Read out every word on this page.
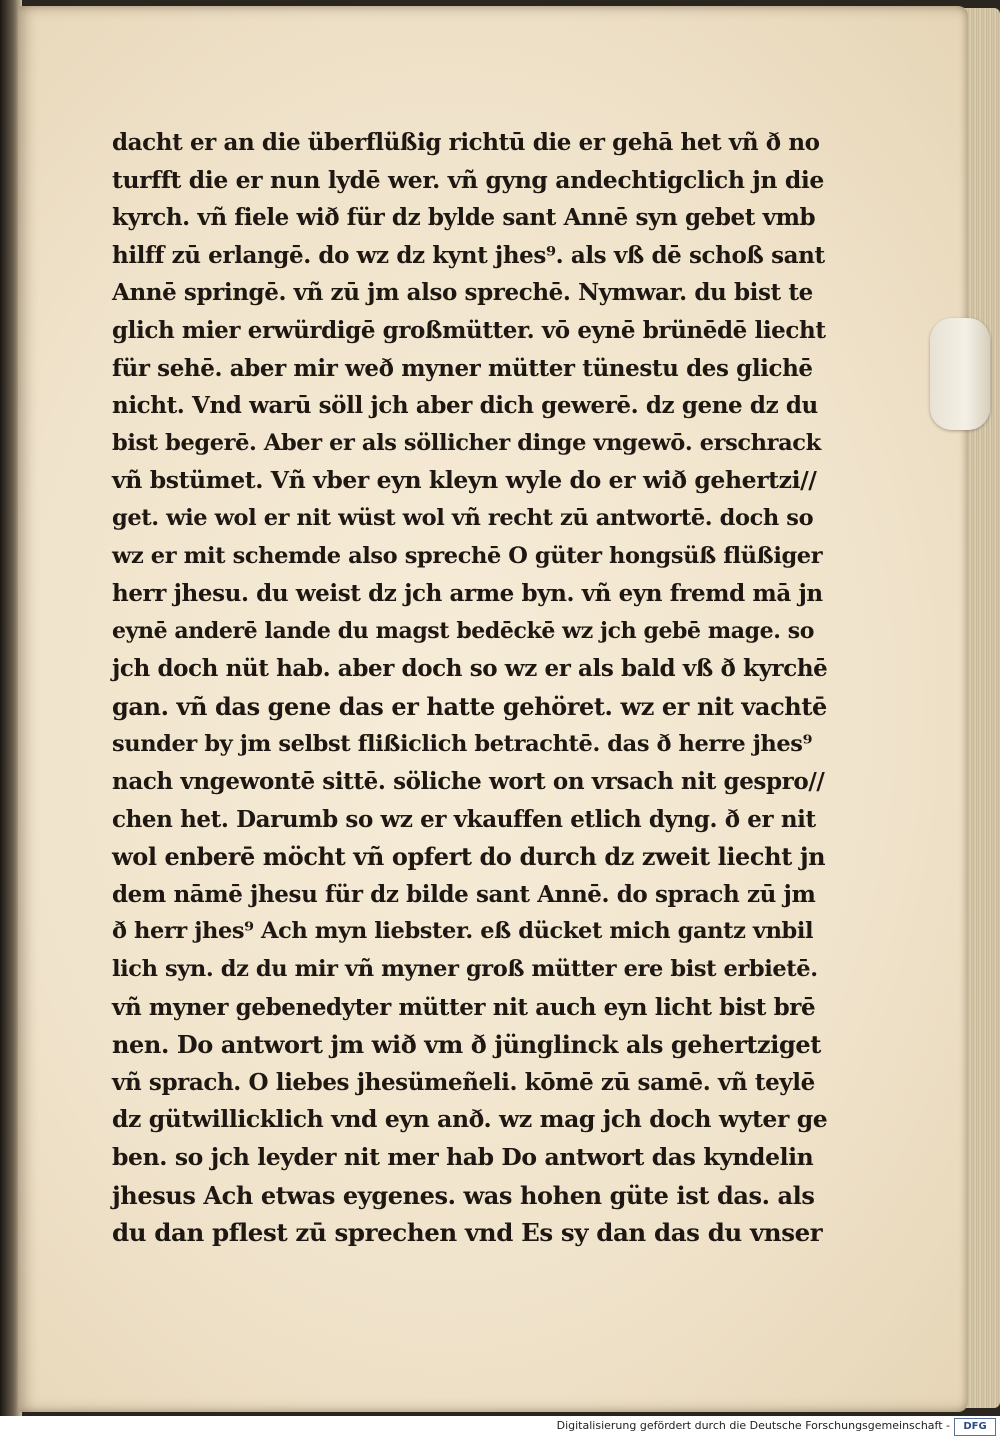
dacht er an die überflüßig richtū die er gehā het vñ ð no
turfft die er nun lydē wer. vñ gyng andechtigclich jn die
kyrch. vñ fiele wið für dz bylde sant Annē syn gebet vmb
hilff zū erlangē. do wz dz kynt jhes⁹. als vß dē schoß sant
Annē springē. vñ zū jm also sprechē. Nymwar. du bist te
glich mier erwürdigē großmütter. vō eynē brünēdē liecht
für sehē. aber mir weð myner mütter tünestu des glichē
nicht. Vnd warū söll jch aber dich gewerē. dz gene dz du
bist begerē. Aber er als söllicher dinge vngewō. erschrack
vñ bstümet. Vñ vber eyn kleyn wyle do er wið gehertzi//
get. wie wol er nit wüst wol vñ recht zū antwortē. doch so
wz er mit schemde also sprechē O güter hongsüß flüßiger
herr jhesu. du weist dz jch arme byn. vñ eyn fremd mā jn
eynē anderē lande du magst bedēckē wz jch gebē mage. so
jch doch nüt hab. aber doch so wz er als bald vß ð kyrchē
gan. vñ das gene das er hatte gehöret. wz er nit vachtē
sunder by jm selbst flißiclich betrachtē. das ð herre jhes⁹
nach vngewontē sittē. söliche wort on vrsach nit gespro//
chen het. Darumb so wz er vkauffen etlich dyng. ð er nit
wol enberē möcht vñ opfert do durch dz zweit liecht jn
dem nāmē jhesu für dz bilde sant Annē. do sprach zū jm
ð herr jhes⁹ Ach myn liebster. eß dücket mich gantz vnbil
lich syn. dz du mir vñ myner groß mütter ere bist erbietē.
vñ myner gebenedyter mütter nit auch eyn licht bist brē
nen. Do antwort jm wið vm ð jünglinck als gehertziget
vñ sprach. O liebes jhesümeñeli. kōmē zū samē. vñ teylē
dz gütwillicklich vnd eyn anð. wz mag jch doch wyter ge
ben. so jch leyder nit mer hab Do antwort das kyndelin
jhesus Ach etwas eygenes. was hohen güte ist das. als
du dan pflest zū sprechen vnd Es sy dan das du vnser
Digitalisierung gefördert durch die Deutsche Forschungsgemeinschaft -	DFG
